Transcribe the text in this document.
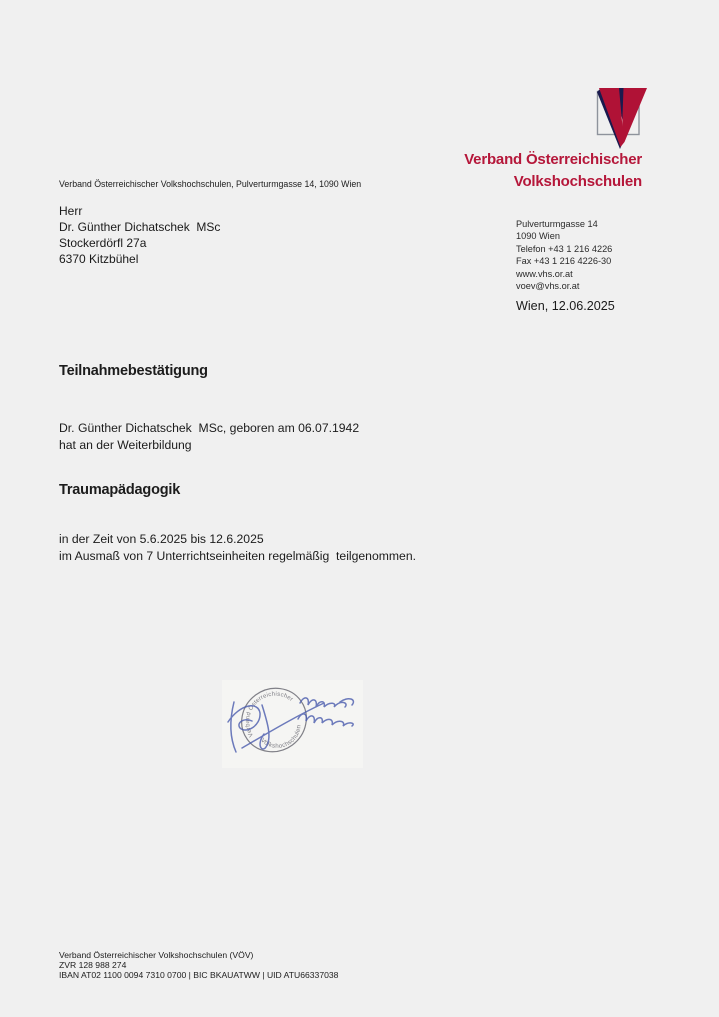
Verband Österreichischer
Volkshochschulen
Verband Österreichischer Volkshochschulen, Pulverturmgasse 14, 1090 Wien
Herr
Dr. Günther Dichatschek  MSc
Stockerdörfl 27a
6370 Kitzbühel
Pulverturmgasse 14
1090 Wien
Telefon +43 1 216 4226
Fax +43 1 216 4226-30
www.vhs.or.at
voev@vhs.or.at
Wien, 12.06.2025
Teilnahmebestätigung
Dr. Günther Dichatschek  MSc, geboren am 06.07.1942
hat an der Weiterbildung
Traumapädagogik
in der Zeit von 5.6.2025 bis 12.6.2025
im Ausmaß von 7 Unterrichtseinheiten regelmäßig  teilgenommen.
Verband Österreichischer
Volkshochschulen
Verband Österreichischer Volkshochschulen (VÖV)
ZVR 128 988 274
IBAN AT02 1100 0094 7310 0700 | BIC BKAUATWW | UID ATU66337038
